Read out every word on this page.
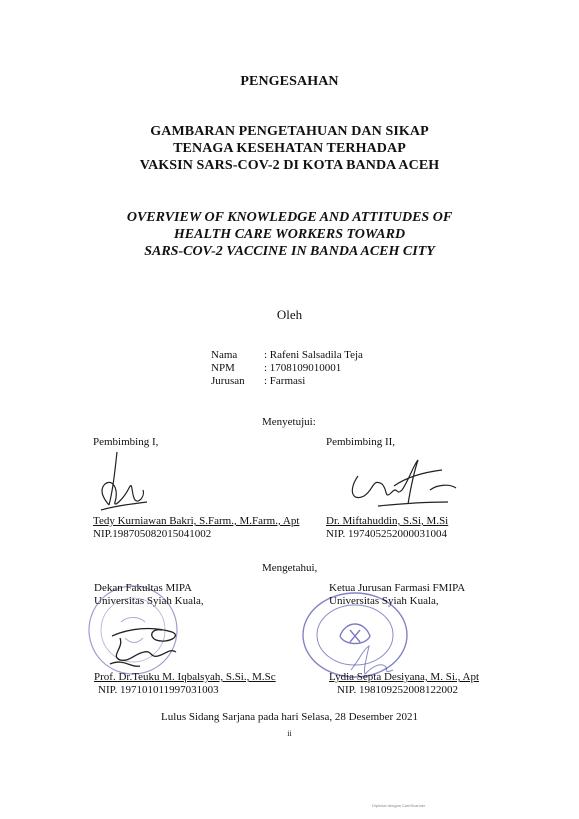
PENGESAHAN
GAMBARAN PENGETAHUAN DAN SIKAP
TENAGA KESEHATAN TERHADAP
VAKSIN SARS-COV-2 DI KOTA BANDA ACEH
OVERVIEW OF KNOWLEDGE AND ATTITUDES OF
HEALTH CARE WORKERS TOWARD
SARS-COV-2 VACCINE IN BANDA ACEH CITY
Oleh
Nama : Rafeni Salsadila Teja
NPM	: 1708109010001
Jurusan : Farmasi
Menyetujui:
Pembimbing I,	Pembimbing II,
Tedy Kurniawan Bakri, S.Farm., M.Farm., Apt
NIP.198705082015041002
Dr. Miftahuddin, S.Si, M.Si
NIP. 197405252000031004
Mengetahui,
Dekan Fakultas MIPA
Universitas Syiah Kuala,
Ketua Jurusan Farmasi FMIPA
Universitas Syiah Kuala,
Prof. Dr.Teuku M. Iqbalsyah, S.Si., M.Sc
NIP. 197101011997031003
Lydia Septa Desiyana, M. Si., Apt
NIP. 198109252008122002
Lulus Sidang Sarjana pada hari Selasa, 28 Desember 2021
ii
Dipindai dengan CamScanner
